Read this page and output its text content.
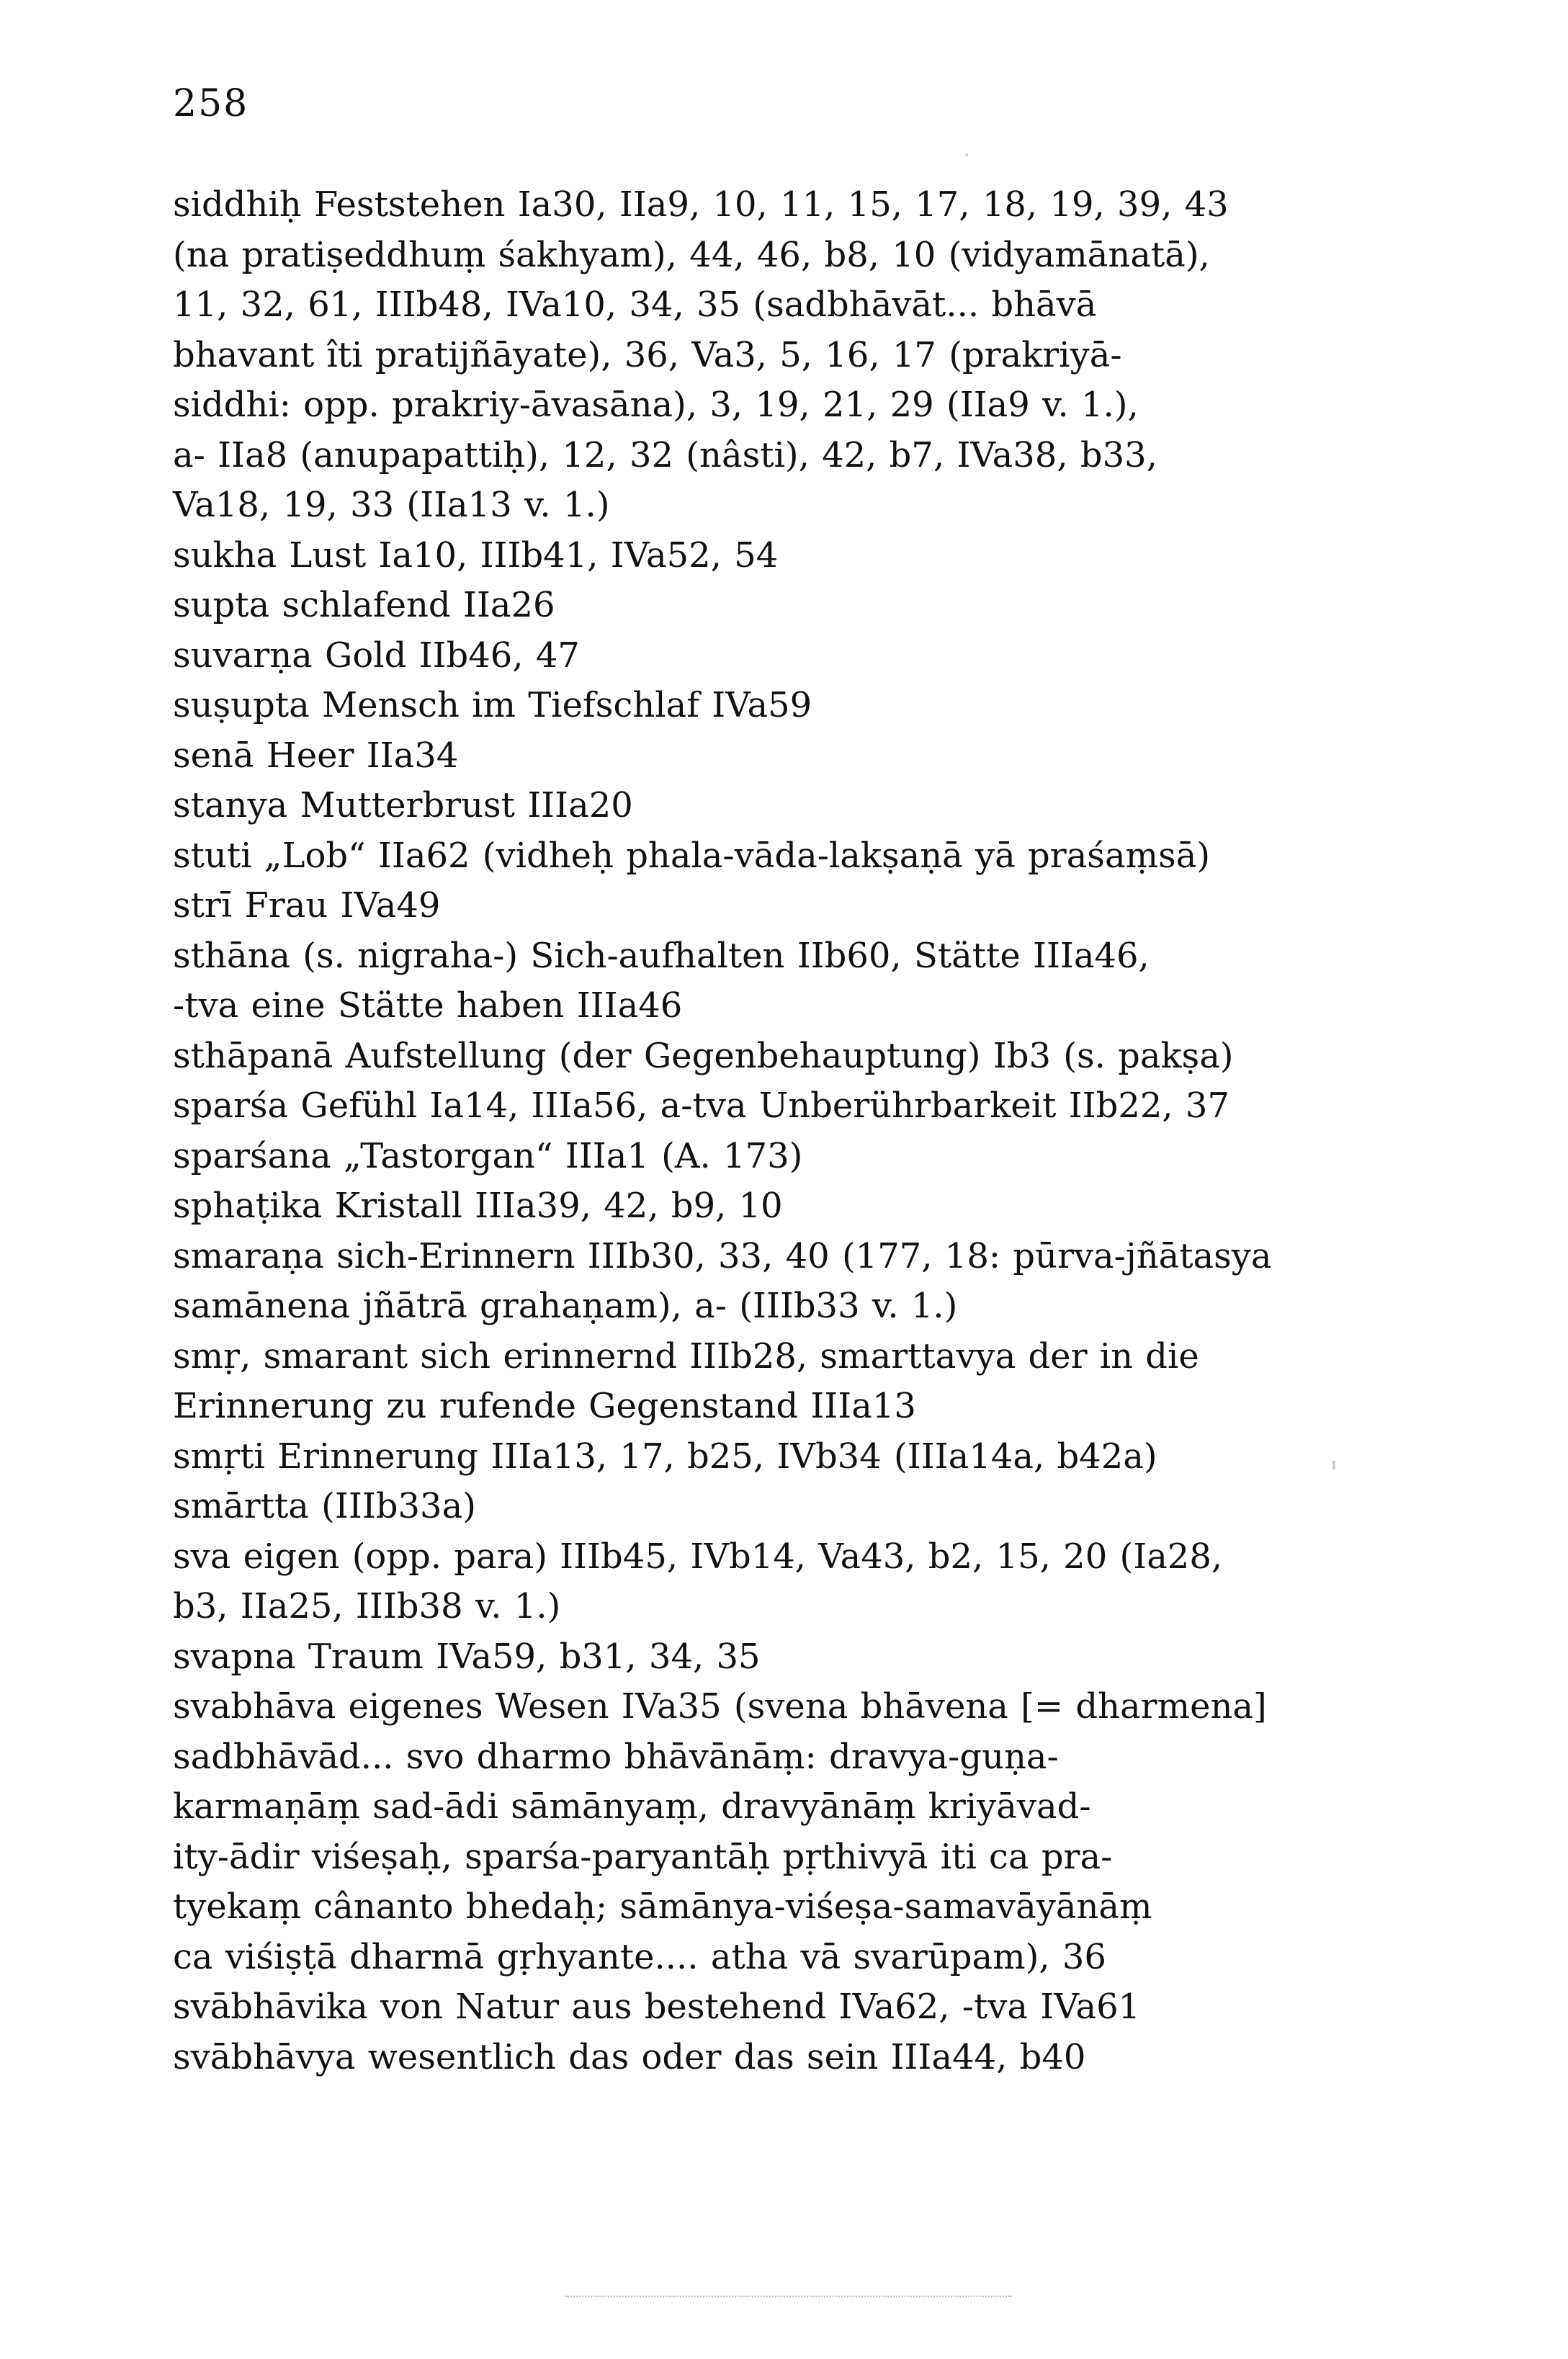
258
siddhiḥ Feststehen Ia30, IIa9, 10, 11, 15, 17, 18, 19, 39, 43
(na pratiṣeddhuṃ śakhyam), 44, 46, b8, 10 (vidyamānatā),
11, 32, 61, IIIb48, IVa10, 34, 35 (sadbhāvāt... bhāvā
bhavant îti pratijñāyate), 36, Va3, 5, 16, 17 (prakriyā-
siddhi: opp. prakriy-āvasāna), 3, 19, 21, 29 (IIa9 v. 1.),
a- IIa8 (anupapattiḥ), 12, 32 (nâsti), 42, b7, IVa38, b33,
Va18, 19, 33 (IIa13 v. 1.)
sukha Lust Ia10, IIIb41, IVa52, 54
supta schlafend IIa26
suvarṇa Gold IIb46, 47
suṣupta Mensch im Tiefschlaf IVa59
senā Heer IIa34
stanya Mutterbrust IIIa20
stuti „Lob“ IIa62 (vidheḥ phala-vāda-lakṣaṇā yā praśaṃsā)
strī Frau IVa49
sthāna (s. nigraha-) Sich-aufhalten IIb60, Stätte IIIa46,
-tva eine Stätte haben IIIa46
sthāpanā Aufstellung (der Gegenbehauptung) Ib3 (s. pakṣa)
sparśa Gefühl Ia14, IIIa56, a-tva Unberührbarkeit IIb22, 37
sparśana „Tastorgan“ IIIa1 (A. 173)
sphaṭika Kristall IIIa39, 42, b9, 10
smaraṇa sich-Erinnern IIIb30, 33, 40 (177, 18: pūrva-jñātasya
samānena jñātrā grahaṇam), a- (IIIb33 v. 1.)
smṛ, smarant sich erinnernd IIIb28, smarttavya der in die
Erinnerung zu rufende Gegenstand IIIa13
smṛti Erinnerung IIIa13, 17, b25, IVb34 (IIIa14a, b42a)
smārtta (IIIb33a)
sva eigen (opp. para) IIIb45, IVb14, Va43, b2, 15, 20 (Ia28,
b3, IIa25, IIIb38 v. 1.)
svapna Traum IVa59, b31, 34, 35
svabhāva eigenes Wesen IVa35 (svena bhāvena [= dharmena]
sadbhāvād... svo dharmo bhāvānāṃ: dravya-guṇa-
karmaṇāṃ sad-ādi sāmānyaṃ, dravyānāṃ kriyāvad-
ity-ādir viśeṣaḥ, sparśa-paryantāḥ pṛthivyā iti ca pra-
tyekaṃ cânanto bhedaḥ; sāmānya-viśeṣa-samavāyānāṃ
ca viśiṣṭā dharmā gṛhyante.... atha vā svarūpam), 36
svābhāvika von Natur aus bestehend IVa62, -tva IVa61
svābhāvya wesentlich das oder das sein IIIa44, b40
